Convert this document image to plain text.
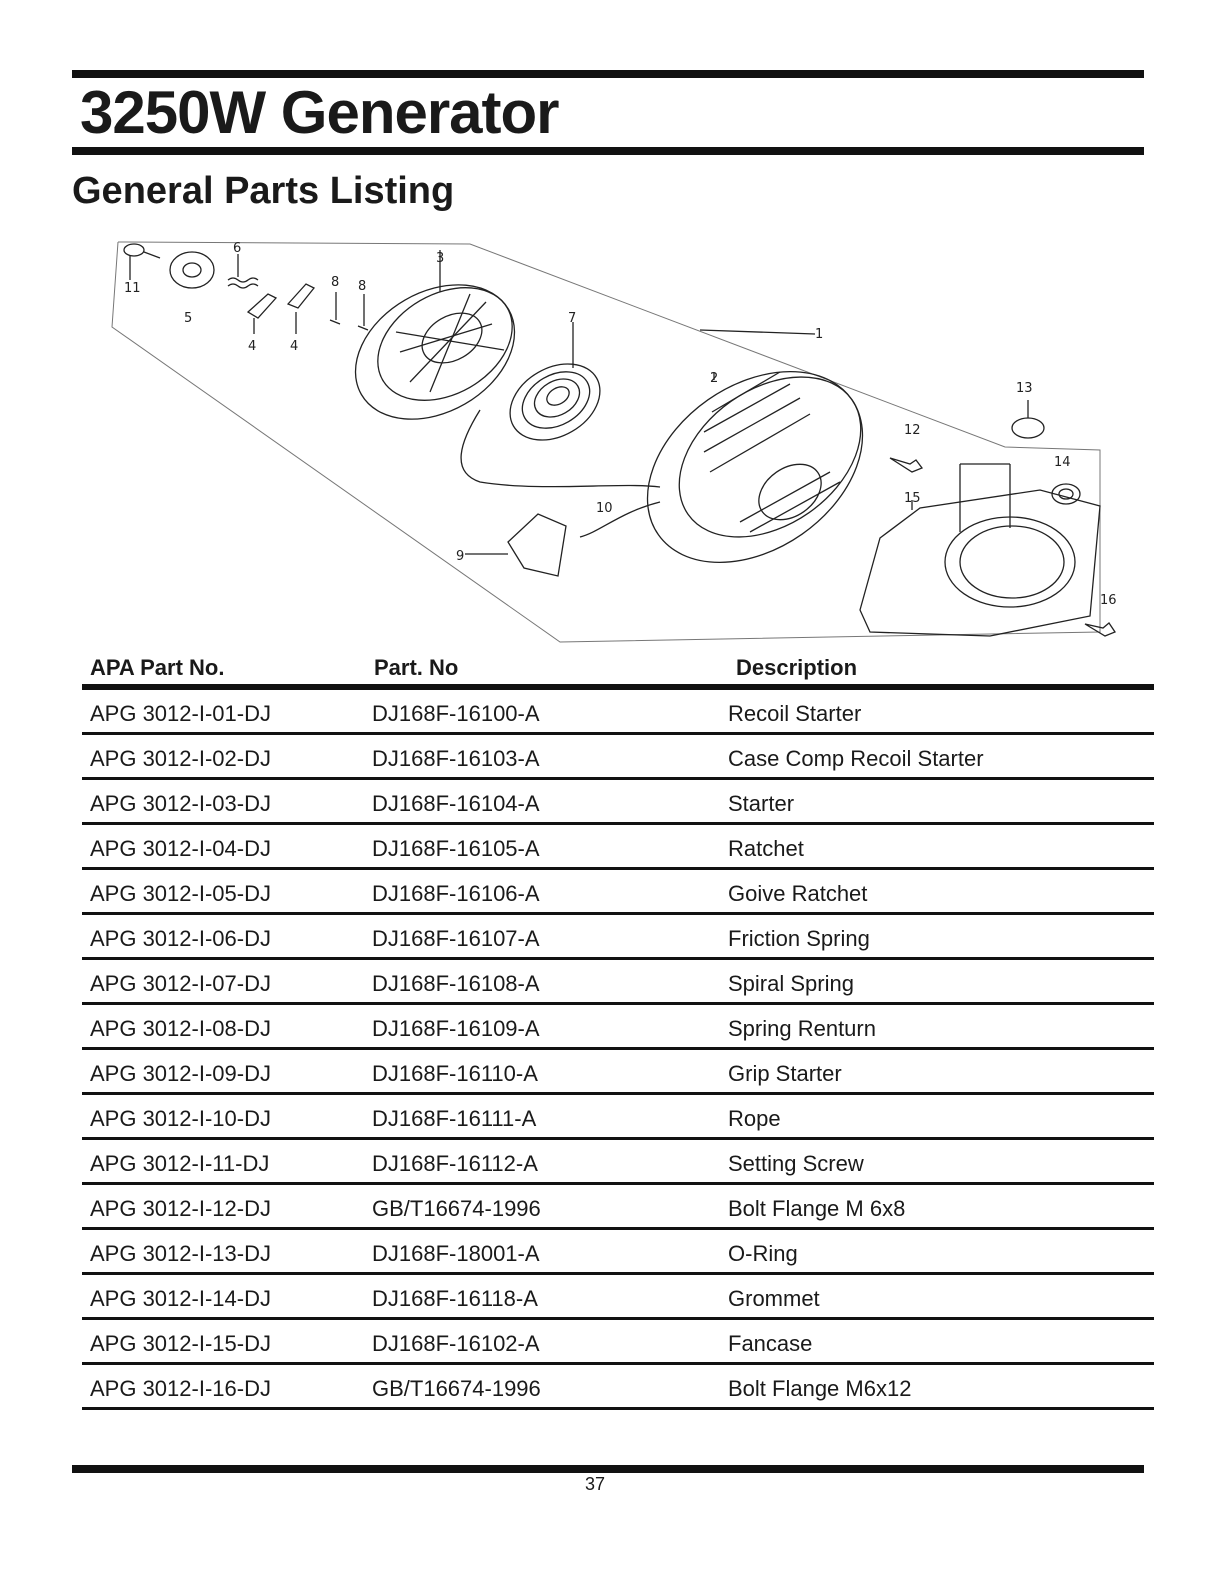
3250W Generator
General Parts Listing
1
2
3
4	4
5
6
7
8 8
9
10
11
12
13
14
15
16
APA Part No.	Part. No	Description
APG 3012-I-01-DJ	DJ168F-16100-A	Recoil Starter
APG 3012-I-02-DJ	DJ168F-16103-A	Case Comp Recoil Starter
APG 3012-I-03-DJ	DJ168F-16104-A	Starter
APG 3012-I-04-DJ	DJ168F-16105-A	Ratchet
APG 3012-I-05-DJ	DJ168F-16106-A	Goive Ratchet
APG 3012-I-06-DJ	DJ168F-16107-A	Friction Spring
APG 3012-I-07-DJ	DJ168F-16108-A	Spiral Spring
APG 3012-I-08-DJ	DJ168F-16109-A	Spring Renturn
APG 3012-I-09-DJ	DJ168F-16110-A	Grip Starter
APG 3012-I-10-DJ	DJ168F-16111-A	Rope
APG 3012-I-11-DJ	DJ168F-16112-A	Setting Screw
APG 3012-I-12-DJ	GB/T16674-1996	Bolt Flange M 6x8
APG 3012-I-13-DJ	DJ168F-18001-A	O-Ring
APG 3012-I-14-DJ	DJ168F-16118-A	Grommet
APG 3012-I-15-DJ	DJ168F-16102-A	Fancase
APG 3012-I-16-DJ	GB/T16674-1996	Bolt Flange M6x12
37
